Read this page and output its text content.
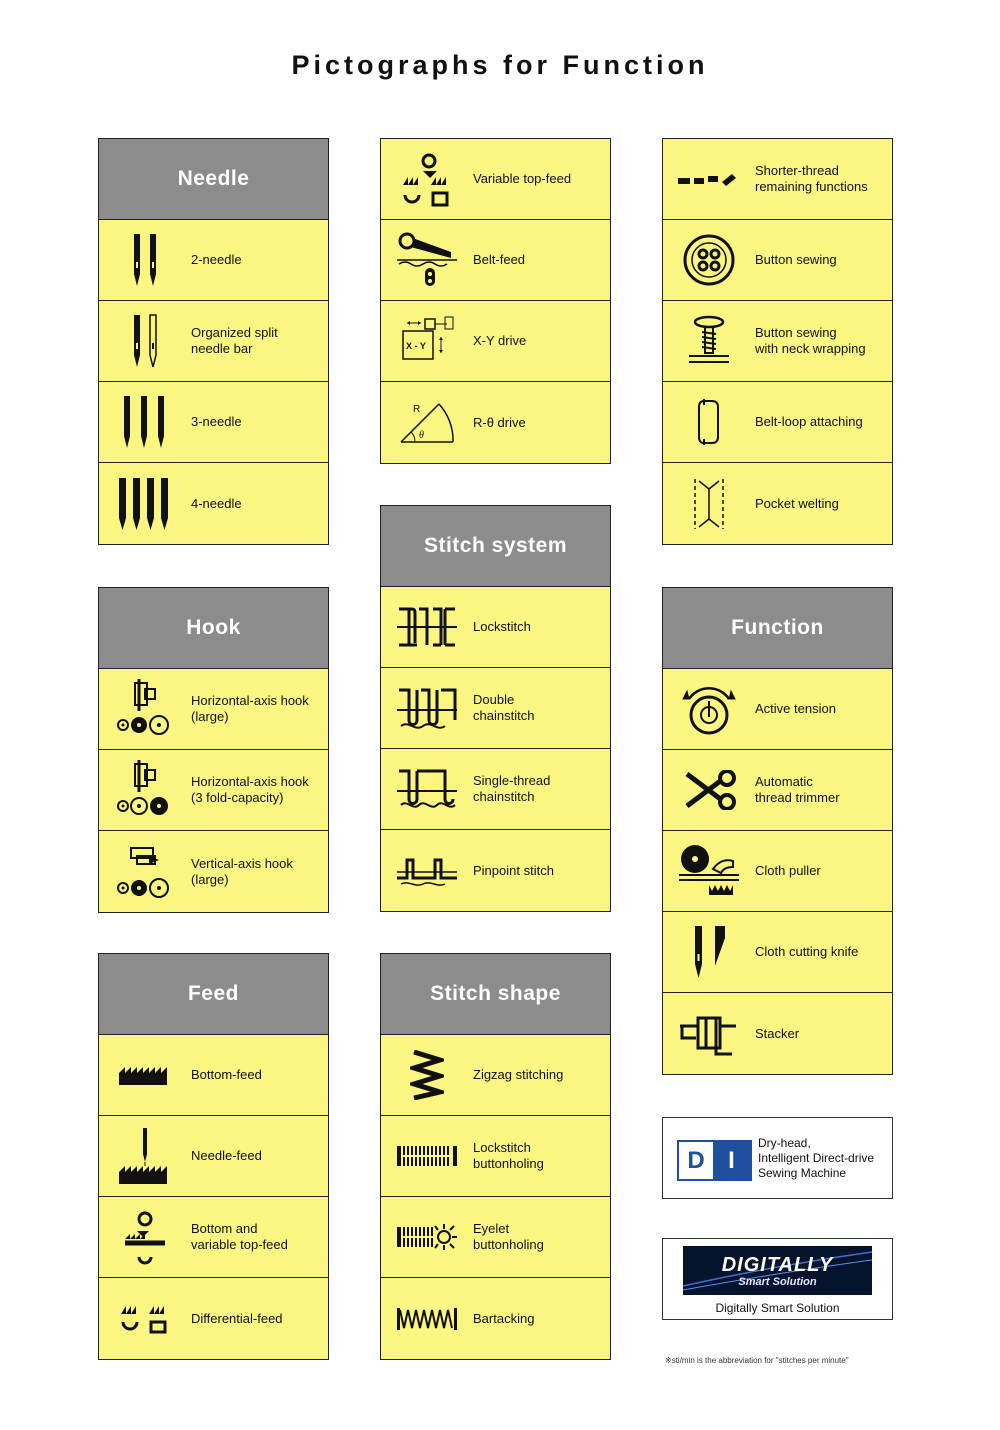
Pictographs for Function
Needle
2-needle
Organized split
needle bar
3-needle
4-needle
Hook
Horizontal-axis hook
(large)
Horizontal-axis hook
(3 fold-capacity)
Vertical-axis hook
(large)
Feed
Bottom-feed
Needle-feed
Bottom and
variable top-feed
Differential-feed
Variable top-feed
Belt-feed
X - Y	X-Y drive
R
θ
R-θ drive
Stitch system
Lockstitch
Double
chainstitch
Single-thread
chainstitch
Pinpoint stitch
Stitch shape
Zigzag stitching
Lockstitch
buttonholing
Eyelet
buttonholing
Bartacking
Shorter-thread
remaining functions
Button sewing
Button sewing
with neck wrapping
Belt-loop attaching
Pocket welting
Function
Active tension
Automatic
thread trimmer
Cloth puller
Cloth cutting knife
Stacker
D I
Dry-head,
Intelligent Direct-drive
Sewing Machine
DIGITALLY
Smart Solution
Digitally Smart Solution
※sti/min is the abbreviation for "stitches per minute"
